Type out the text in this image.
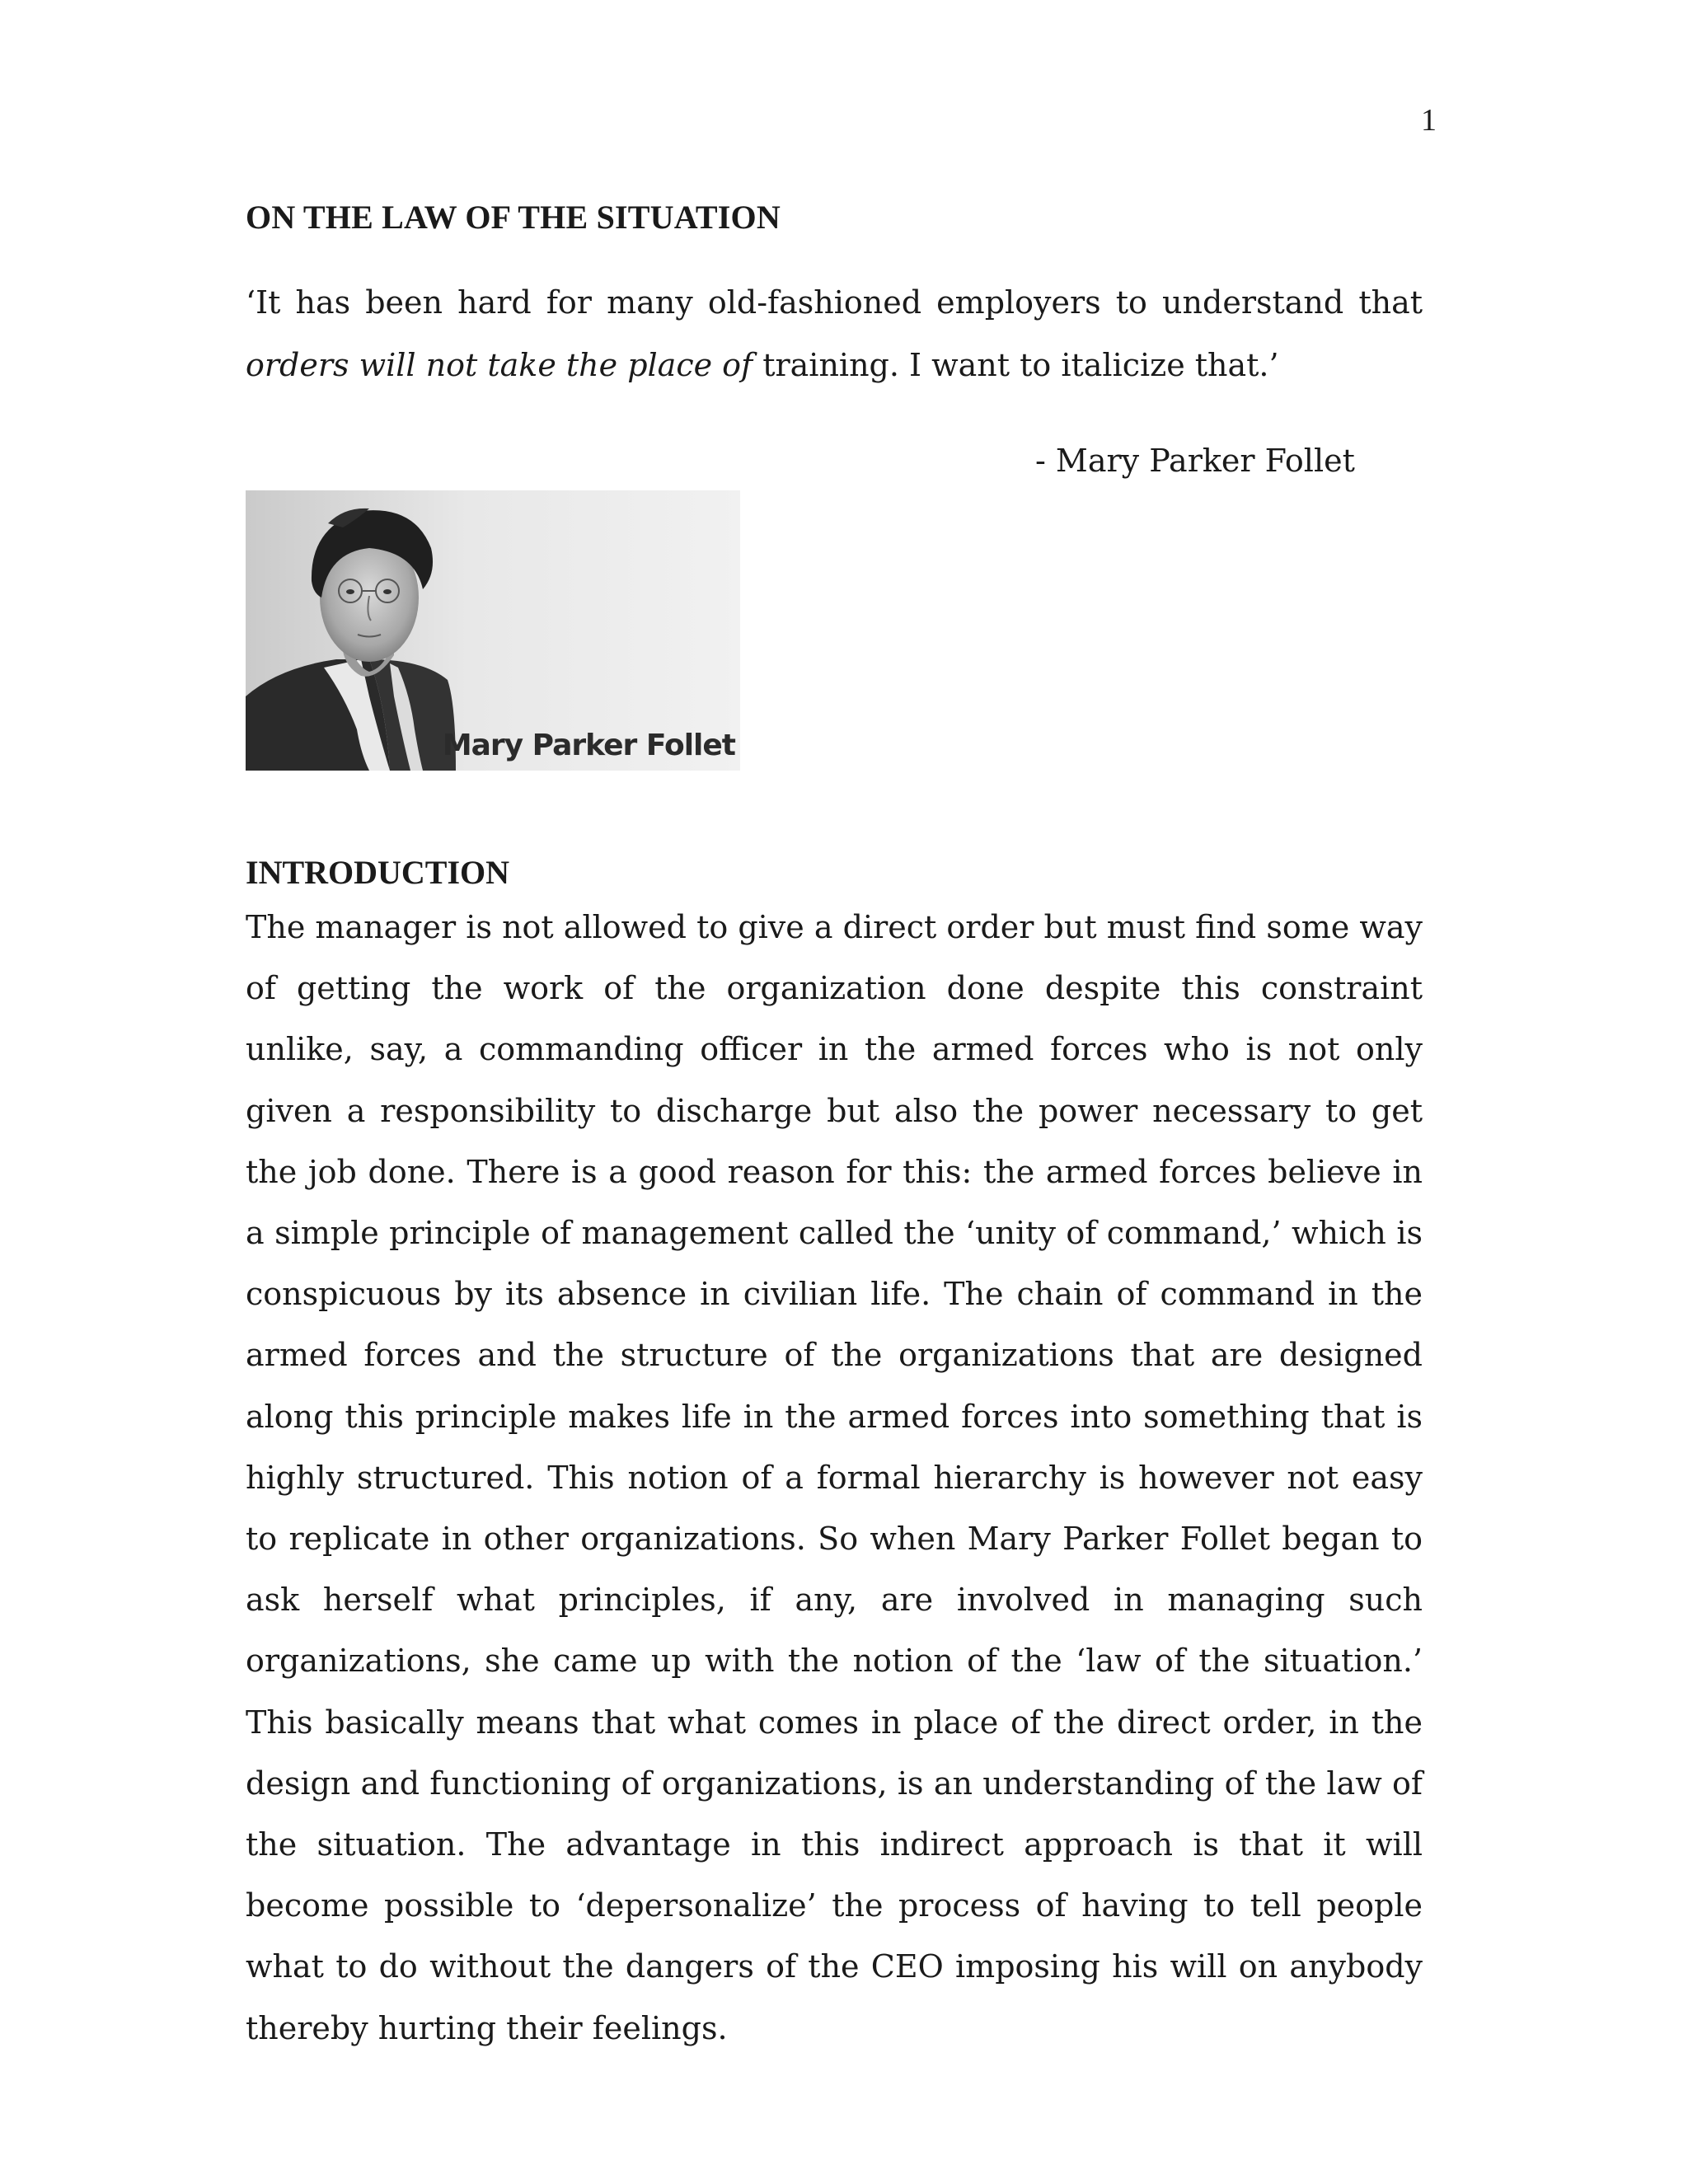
1
ON THE LAW OF THE SITUATION
‘It has been hard for many old-fashioned employers to understand that orders will not take the place of training. I want to italicize that.’
- Mary Parker Follet
Mary Parker Follet
INTRODUCTION

The manager is not allowed to give a direct order but must find some way of getting the work of the organization done despite this constraint unlike, say, a commanding officer in the armed forces who is not only given a responsibility to discharge but also the power necessary to get the job done. There is a good reason for this: the armed forces believe in a simple principle of management called the ‘unity of command,’ which is conspicuous by its absence in civilian life. The chain of command in the armed forces and the structure of the organizations that are designed along this principle makes life in the armed forces into something that is highly structured. This notion of a formal hierarchy is however not easy to replicate in other organizations. So when Mary Parker Follet began to ask herself what principles, if any, are involved in managing such organizations, she came up with the notion of the ‘law of the situation.’ This basically means that what comes in place of the direct order, in the design and functioning of organizations, is an understanding of the law of the situation. The advantage in this indirect approach is that it will become possible to ‘depersonalize’ the process of having to tell people what to do without the dangers of the CEO imposing his will on anybody thereby hurting their feelings.
